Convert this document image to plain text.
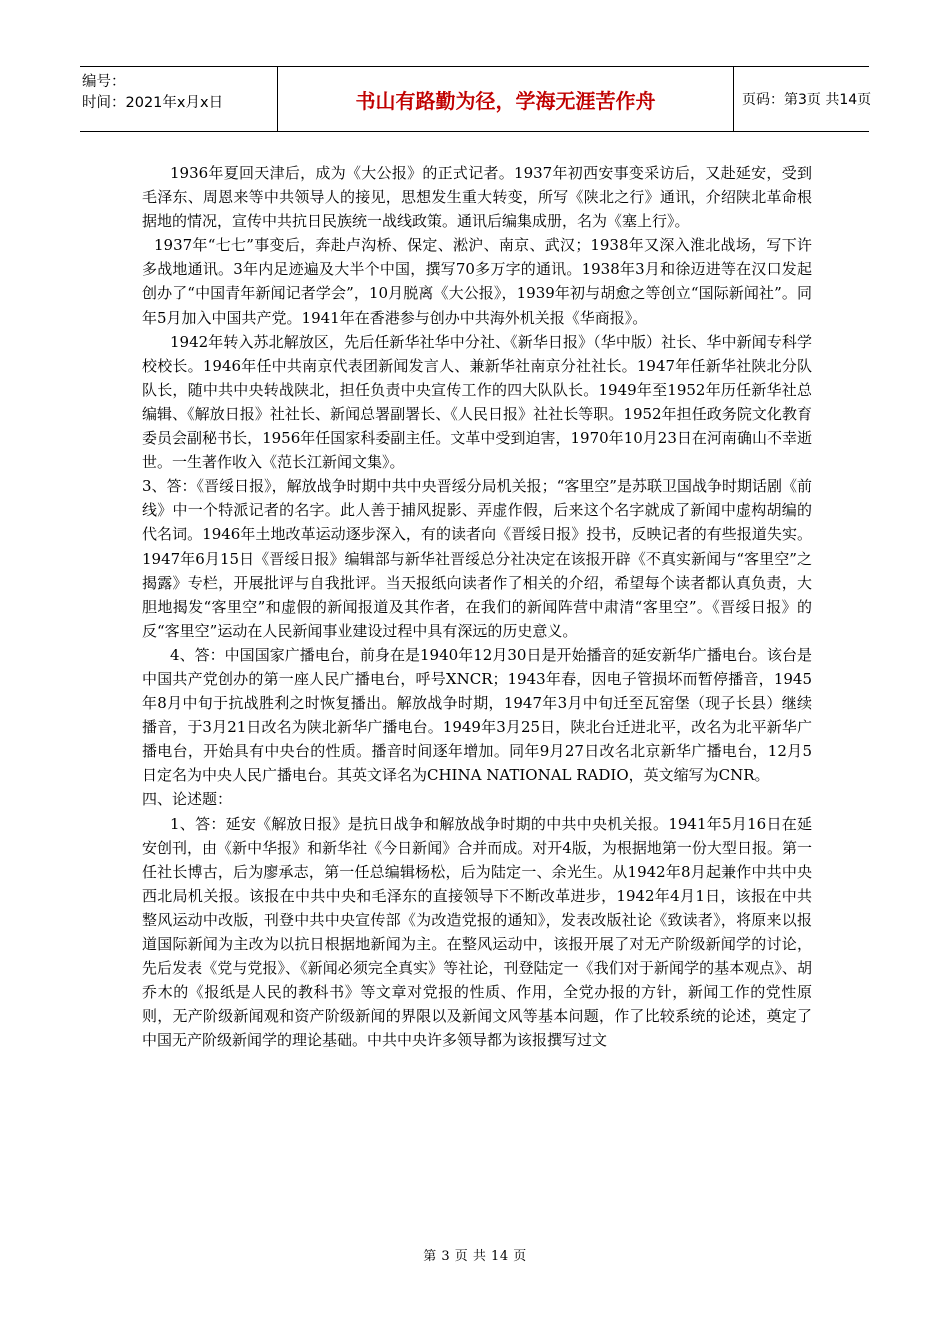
编号：
时间：2021年x月x日	书山有路勤为径，学海无涯苦作舟	页码：第3页 共14页

1936年夏回天津后，成为《大公报》的正式记者。1937年初西安事变采访后，又赴延安，受到毛泽东、周恩来等中共领导人的接见，思想发生重大转变，所写《陕北之行》通讯，介绍陕北革命根据地的情况，宣传中共抗日民族统一战线政策。通讯后编集成册，名为《塞上行》。

1937年“七七”事变后，奔赴卢沟桥、保定、淞沪、南京、武汉；1938年又深入淮北战场，写下许多战地通讯。3年内足迹遍及大半个中国，撰写70多万字的通讯。1938年3月和徐迈进等在汉口发起创办了“中国青年新闻记者学会”，10月脱离《大公报》，1939年初与胡愈之等创立“国际新闻社”。同年5月加入中国共产党。1941年在香港参与创办中共海外机关报《华商报》。

1942年转入苏北解放区，先后任新华社华中分社、《新华日报》（华中版）社长、华中新闻专科学校校长。1946年任中共南京代表团新闻发言人、兼新华社南京分社社长。1947年任新华社陕北分队队长，随中共中央转战陕北，担任负责中央宣传工作的四大队队长。1949年至1952年历任新华社总编辑、《解放日报》社社长、新闻总署副署长、《人民日报》社社长等职。1952年担任政务院文化教育委员会副秘书长，1956年任国家科委副主任。文革中受到迫害，1970年10月23日在河南确山不幸逝世。一生著作收入《范长江新闻文集》。

3、答：《晋绥日报》，解放战争时期中共中央晋绥分局机关报；“客里空”是苏联卫国战争时期话剧《前线》中一个特派记者的名字。此人善于捕风捉影、弄虚作假，后来这个名字就成了新闻中虚构胡编的代名词。1946年土地改革运动逐步深入，有的读者向《晋绥日报》投书，反映记者的有些报道失实。1947年6月15日《晋绥日报》编辑部与新华社晋绥总分社决定在该报开辟《不真实新闻与“客里空”之揭露》专栏，开展批评与自我批评。当天报纸向读者作了相关的介绍，希望每个读者都认真负责，大胆地揭发“客里空”和虚假的新闻报道及其作者，在我们的新闻阵营中肃清“客里空”。《晋绥日报》的反“客里空”运动在人民新闻事业建设过程中具有深远的历史意义。

4、答：中国国家广播电台，前身在是1940年12月30日是开始播音的延安新华广播电台。该台是中国共产党创办的第一座人民广播电台，呼号XNCR；1943年春，因电子管损坏而暂停播音，1945年8月中旬于抗战胜利之时恢复播出。解放战争时期，1947年3月中旬迁至瓦窑堡（现子长县）继续播音，于3月21日改名为陕北新华广播电台。1949年3月25日，陕北台迁进北平，改名为北平新华广播电台，开始具有中央台的性质。播音时间逐年增加。同年9月27日改名北京新华广播电台，12月5日定名为中央人民广播电台。其英文译名为CHINA NATIONAL RADIO，英文缩写为CNR。

四、论述题：

1、答：延安《解放日报》是抗日战争和解放战争时期的中共中央机关报。1941年5月16日在延安创刊，由《新中华报》和新华社《今日新闻》合并而成。对开4版，为根据地第一份大型日报。第一任社长博古，后为廖承志，第一任总编辑杨松，后为陆定一、余光生。从1942年8月起兼作中共中央西北局机关报。该报在中共中央和毛泽东的直接领导下不断改革进步，1942年4月1日，该报在中共整风运动中改版，刊登中共中央宣传部《为改造党报的通知》，发表改版社论《致读者》，将原来以报道国际新闻为主改为以抗日根据地新闻为主。在整风运动中，该报开展了对无产阶级新闻学的讨论，先后发表《党与党报》、《新闻必须完全真实》等社论，刊登陆定一《我们对于新闻学的基本观点》、胡乔木的《报纸是人民的教科书》等文章对党报的性质、作用，全党办报的方针，新闻工作的党性原则，无产阶级新闻观和资产阶级新闻的界限以及新闻文风等基本问题，作了比较系统的论述，奠定了中国无产阶级新闻学的理论基础。中共中央许多领导都为该报撰写过文

第 3 页 共 14 页
